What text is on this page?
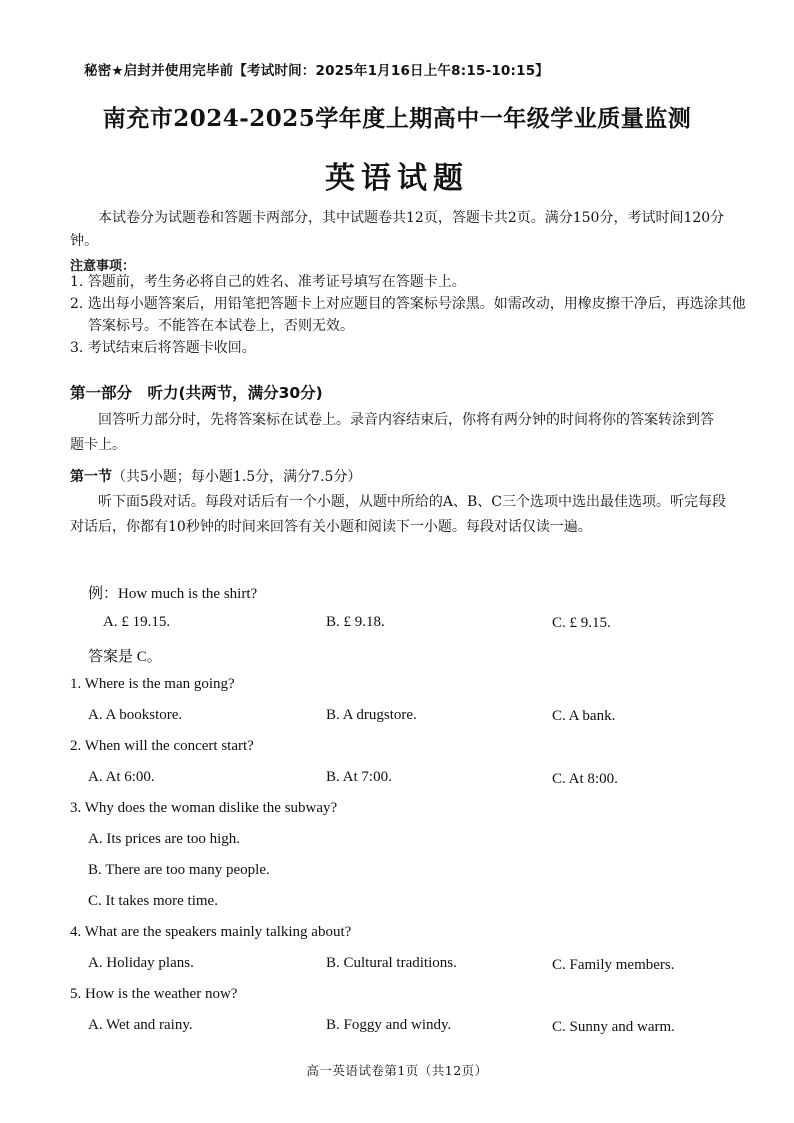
秘密★启封并使用完毕前【考试时间：2025年1月16日上午8:15-10:15】
南充市2024-2025学年度上期高中一年级学业质量监测
英语试题
本试卷分为试题卷和答题卡两部分，其中试题卷共12页，答题卡共2页。满分150分，考试时间120分钟。
注意事项：
1. 答题前，考生务必将自己的姓名、准考证号填写在答题卡上。
2. 选出每小题答案后，用铅笔把答题卡上对应题目的答案标号涂黑。如需改动，用橡皮擦干净后，再选涂其他答案标号。不能答在本试卷上，否则无效。
3. 考试结束后将答题卡收回。
第一部分　听力(共两节，满分30分)
回答听力部分时，先将答案标在试卷上。录音内容结束后，你将有两分钟的时间将你的答案转涂到答题卡上。
第一节（共5小题；每小题1.5分，满分7.5分）
听下面5段对话。每段对话后有一个小题，从题中所给的A、B、C三个选项中选出最佳选项。听完每段对话后，你都有10秒钟的时间来回答有关小题和阅读下一小题。每段对话仅读一遍。
例：How much is the shirt?
A. £ 19.15.	B. £ 9.18.	C. £ 9.15.
答案是 C。
1. Where is the man going?
A. A bookstore.	B. A drugstore.	C. A bank.
2. When will the concert start?
A. At 6:00.	B. At 7:00.	C. At 8:00.
3. Why does the woman dislike the subway?
A. Its prices are too high.
B. There are too many people.
C. It takes more time.
4. What are the speakers mainly talking about?
A. Holiday plans.	B. Cultural traditions.	C. Family members.
5. How is the weather now?
A. Wet and rainy.	B. Foggy and windy.	C. Sunny and warm.
高一英语试卷第1页（共12页）
